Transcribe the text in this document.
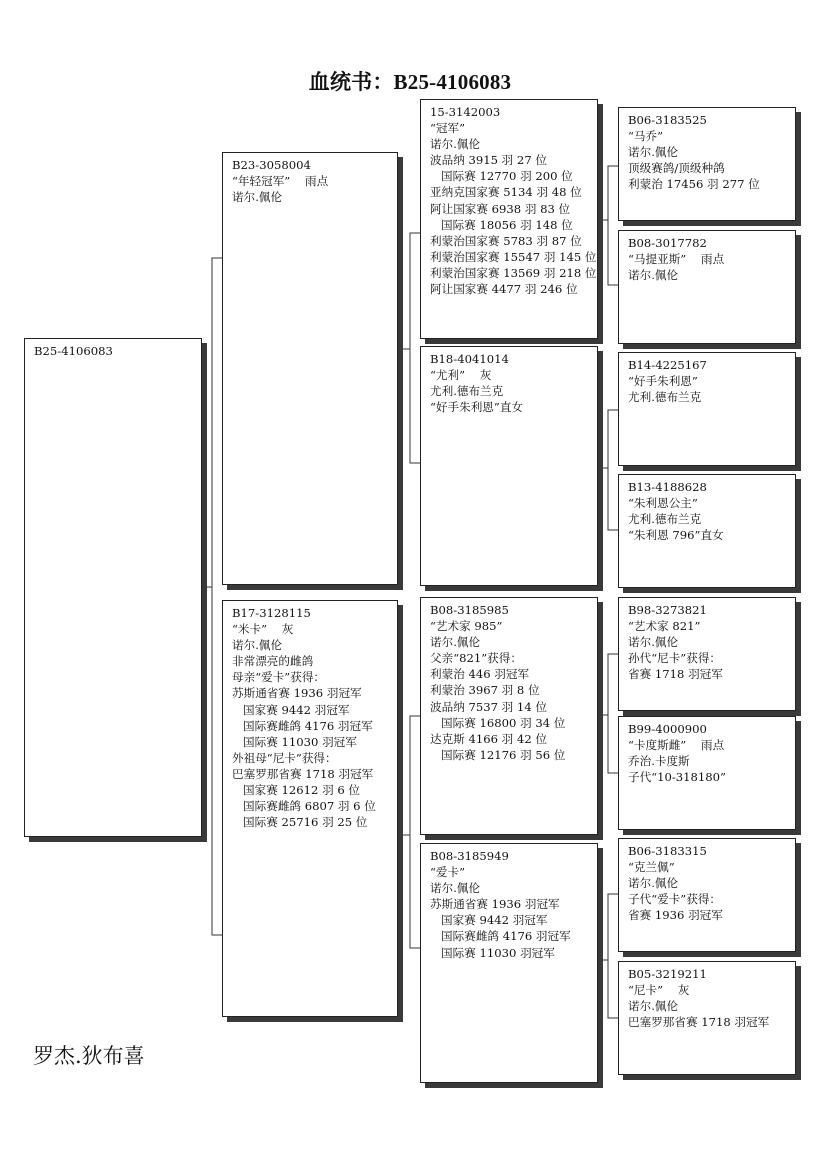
血统书：B25-4106083
B25-4106083
B23-3058004
“年轻冠军”    雨点
诺尔.佩伦
B17-3128115
“米卡”    灰
诺尔.佩伦
非常漂亮的雌鸽
母亲“爱卡”获得：
苏斯通省赛 1936 羽冠军
国家赛 9442 羽冠军
国际赛雌鸽 4176 羽冠军
国际赛 11030 羽冠军
外祖母“尼卡”获得：
巴塞罗那省赛 1718 羽冠军
国家赛 12612 羽 6 位
国际赛雌鸽 6807 羽 6 位
国际赛 25716 羽 25 位
15-3142003
“冠军”
诺尔.佩伦
波品纳 3915 羽 27 位
国际赛 12770 羽 200 位
亚纳克国家赛 5134 羽 48 位
阿让国家赛 6938 羽 83 位
国际赛 18056 羽 148 位
利蒙治国家赛 5783 羽 87 位
利蒙治国家赛 15547 羽 145 位
利蒙治国家赛 13569 羽 218 位
阿让国家赛 4477 羽 246 位
B18-4041014
“尤利”    灰
尤利.德布兰克
“好手朱利恩”直女
B08-3185985
“艺术家 985”
诺尔.佩伦
父亲“821”获得：
利蒙治 446 羽冠军
利蒙治 3967 羽 8 位
波品纳 7537 羽 14 位
国际赛 16800 羽 34 位
达克斯 4166 羽 42 位
国际赛 12176 羽 56 位
B08-3185949
“爱卡”
诺尔.佩伦
苏斯通省赛 1936 羽冠军
国家赛 9442 羽冠军
国际赛雌鸽 4176 羽冠军
国际赛 11030 羽冠军
B06-3183525
“马乔”
诺尔.佩伦
顶级赛鸽/顶级种鸽
利蒙治 17456 羽 277 位
B08-3017782
“马提亚斯”    雨点
诺尔.佩伦
B14-4225167
“好手朱利恩”
尤利.德布兰克
B13-4188628
“朱利恩公主”
尤利.德布兰克
“朱利恩 796”直女
B98-3273821
“艺术家 821”
诺尔.佩伦
孙代“尼卡”获得：
省赛 1718 羽冠军
B99-4000900
“卡度斯雌”    雨点
乔治.卡度斯
子代“10-318180”
B06-3183315
“克兰佩”
诺尔.佩伦
子代“爱卡”获得：
省赛 1936 羽冠军
B05-3219211
“尼卡”    灰
诺尔.佩伦
巴塞罗那省赛 1718 羽冠军
罗杰.狄布喜
